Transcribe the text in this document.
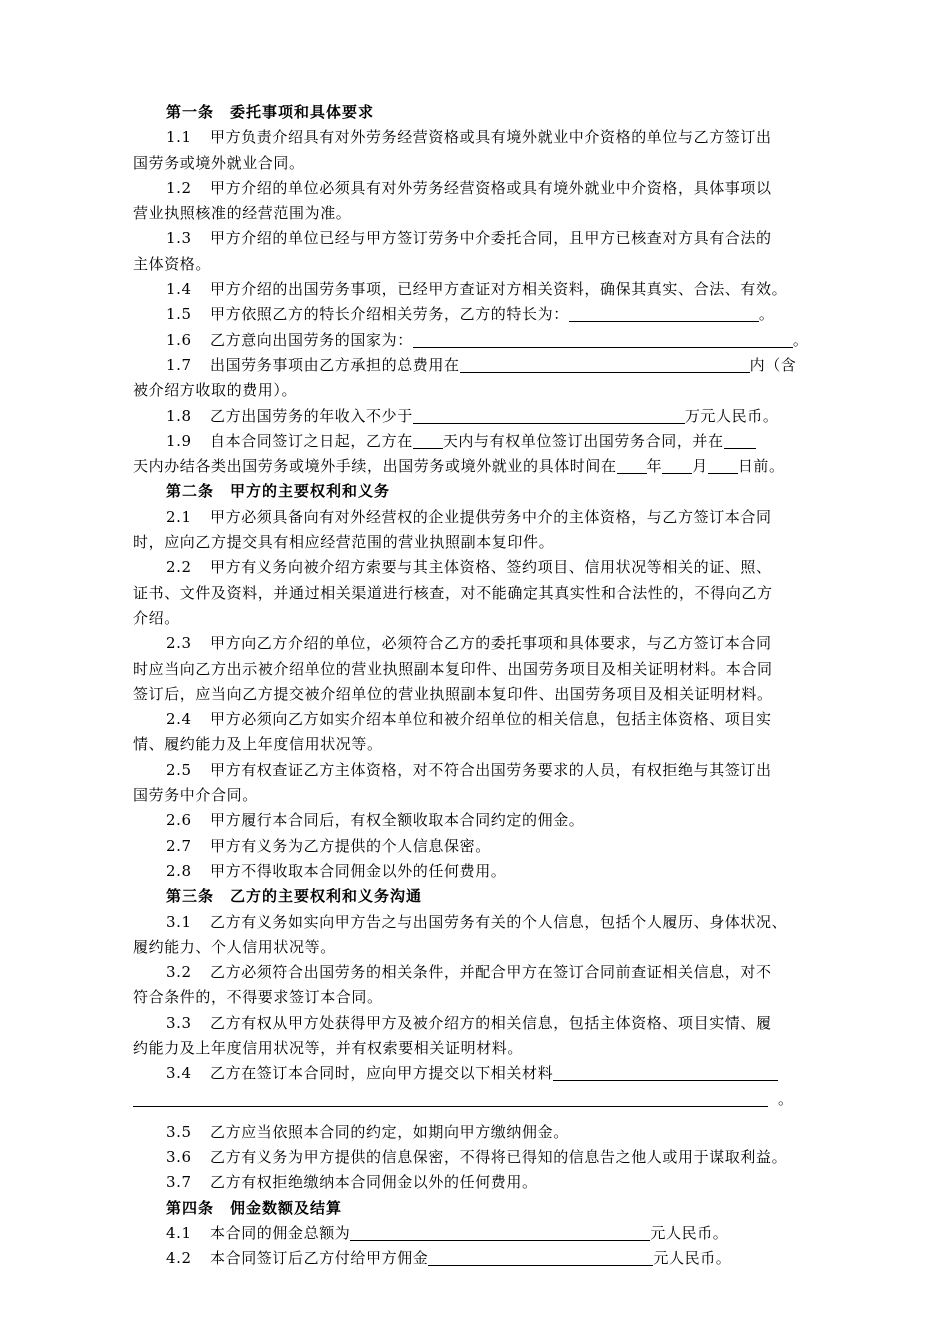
第一条　委托事项和具体要求
1.1 甲方负责介绍具有对外劳务经营资格或具有境外就业中介资格的单位与乙方签订出
国劳务或境外就业合同。
1.2 甲方介绍的单位必须具有对外劳务经营资格或具有境外就业中介资格，具体事项以
营业执照核准的经营范围为准。
1.3 甲方介绍的单位已经与甲方签订劳务中介委托合同，且甲方已核查对方具有合法的
主体资格。
1.4 甲方介绍的出国劳务事项，已经甲方查证对方相关资料，确保其真实、合法、有效。
1.5 甲方依照乙方的特长介绍相关劳务，乙方的特长为：	。
1.6 乙方意向出国劳务的国家为：	。
1.7 出国劳务事项由乙方承担的总费用在	内（含
被介绍方收取的费用）。
1.8 乙方出国劳务的年收入不少于	万元人民币。
1.9 自本合同签订之日起，乙方在 天内与有权单位签订出国劳务合同，并在
天内办结各类出国劳务或境外手续，出国劳务或境外就业的具体时间在 年 月 日前。
第二条　甲方的主要权利和义务
2.1 甲方必须具备向有对外经营权的企业提供劳务中介的主体资格，与乙方签订本合同
时，应向乙方提交具有相应经营范围的营业执照副本复印件。
2.2 甲方有义务向被介绍方索要与其主体资格、签约项目、信用状况等相关的证、照、
证书、文件及资料，并通过相关渠道进行核查，对不能确定其真实性和合法性的，不得向乙方
介绍。
2.3 甲方向乙方介绍的单位，必须符合乙方的委托事项和具体要求，与乙方签订本合同
时应当向乙方出示被介绍单位的营业执照副本复印件、出国劳务项目及相关证明材料。本合同
签订后，应当向乙方提交被介绍单位的营业执照副本复印件、出国劳务项目及相关证明材料。
2.4 甲方必须向乙方如实介绍本单位和被介绍单位的相关信息，包括主体资格、项目实
情、履约能力及上年度信用状况等。
2.5 甲方有权查证乙方主体资格，对不符合出国劳务要求的人员，有权拒绝与其签订出
国劳务中介合同。
2.6 甲方履行本合同后，有权全额收取本合同约定的佣金。
2.7 甲方有义务为乙方提供的个人信息保密。
2.8 甲方不得收取本合同佣金以外的任何费用。
第三条　乙方的主要权利和义务沟通
3.1 乙方有义务如实向甲方告之与出国劳务有关的个人信息，包括个人履历、身体状况、
履约能力、个人信用状况等。
3.2 乙方必须符合出国劳务的相关条件，并配合甲方在签订合同前查证相关信息，对不
符合条件的，不得要求签订本合同。
3.3 乙方有权从甲方处获得甲方及被介绍方的相关信息，包括主体资格、项目实情、履
约能力及上年度信用状况等，并有权索要相关证明材料。
3.4 乙方在签订本合同时，应向甲方提交以下相关材料
。
3.5 乙方应当依照本合同的约定，如期向甲方缴纳佣金。
3.6 乙方有义务为甲方提供的信息保密，不得将已得知的信息告之他人或用于谋取利益。
3.7 乙方有权拒绝缴纳本合同佣金以外的任何费用。
第四条　佣金数额及结算
4.1 本合同的佣金总额为	元人民币。
4.2 本合同签订后乙方付给甲方佣金	元人民币。
